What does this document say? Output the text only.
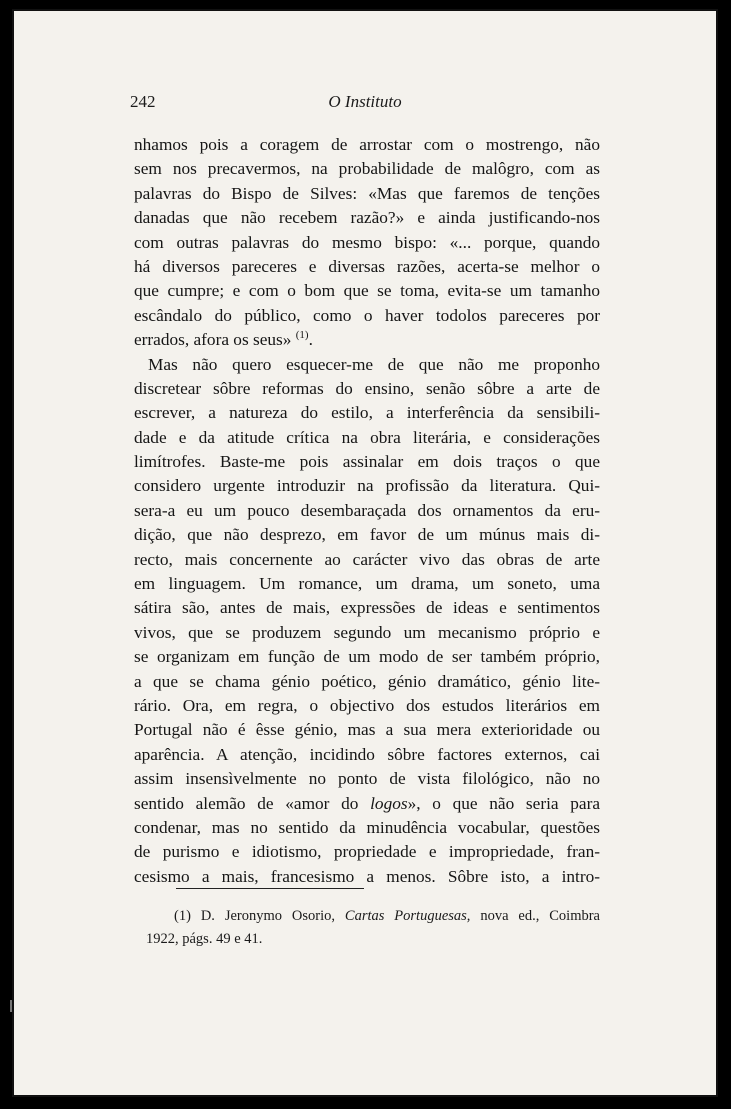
242	O Instituto
nhamos pois a coragem de arrostar com o mostrengo, não
sem nos precavermos, na probabilidade de malôgro, com as
palavras do Bispo de Silves: «Mas que faremos de tenções
danadas que não recebem razão?» e ainda justificando-nos
com outras palavras do mesmo bispo: «... porque, quando
há diversos pareceres e diversas razões, acerta-se melhor o
que cumpre; e com o bom que se toma, evita-se um tamanho
escândalo do público, como o haver todolos pareceres por
errados, afora os seus» $^{(1)}$.
Mas não quero esquecer-me de que não me proponho
discretear sôbre reformas do ensino, senão sôbre a arte de
escrever, a natureza do estilo, a interferência da sensibili-
dade e da atitude crítica na obra literária, e considerações
limítrofes. Baste-me pois assinalar em dois traços o que
considero urgente introduzir na profissão da literatura. Qui-
sera-a eu um pouco desembaraçada dos ornamentos da eru-
dição, que não desprezo, em favor de um múnus mais di-
recto, mais concernente ao carácter vivo das obras de arte
em linguagem. Um romance, um drama, um soneto, uma
sátira são, antes de mais, expressões de ideas e sentimentos
vivos, que se produzem segundo um mecanismo próprio e
se organizam em função de um modo de ser também próprio,
a que se chama génio poético, génio dramático, génio lite-
rário. Ora, em regra, o objectivo dos estudos literários em
Portugal não é êsse génio, mas a sua mera exterioridade ou
aparência. A atenção, incidindo sôbre factores externos, cai
assim insensìvelmente no ponto de vista filológico, não no
sentido alemão de «amor do logos», o que não seria para
condenar, mas no sentido da minudência vocabular, questões
de purismo e idiotismo, propriedade e impropriedade, fran-
cesismo a mais, francesismo a menos. Sôbre isto, a intro-
(1) D. Jeronymo Osorio, Cartas Portuguesas, nova ed., Coimbra
1922, págs. 49 e 41.
